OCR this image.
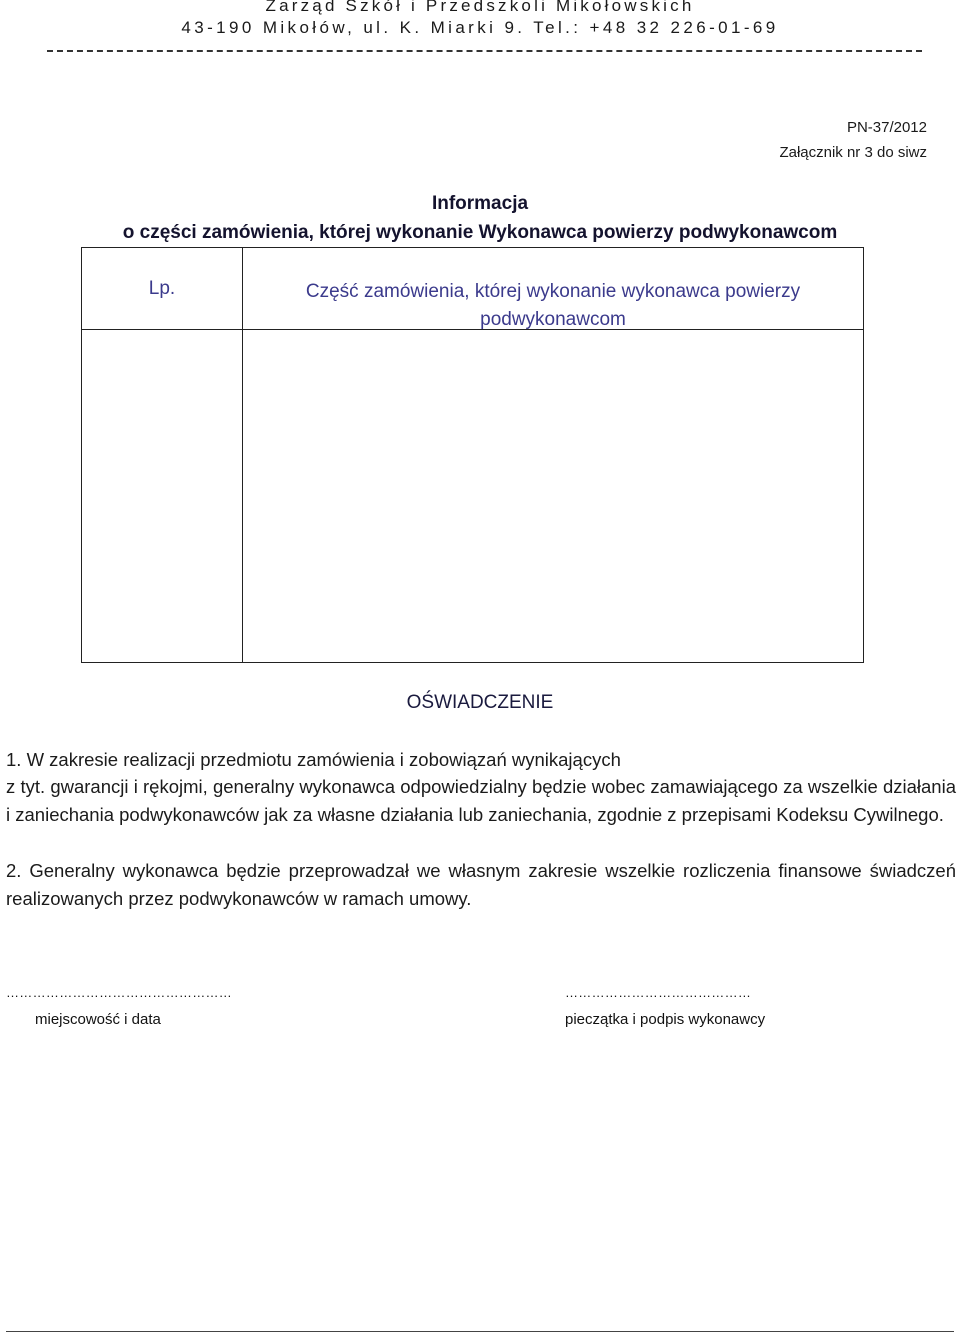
Zarząd Szkół i Przedszkoli Mikołowskich
43-190 Mikołów, ul. K. Miarki 9. Tel.: +48 32 226-01-69
PN-37/2012
Załącznik nr 3 do siwz
Informacja
o części zamówienia, której wykonanie Wykonawca powierzy podwykonawcom
Lp.	Część zamówienia, której wykonanie wykonawca powierzy podwykonawcom
OŚWIADCZENIE
1. W zakresie realizacji przedmiotu zamówienia i zobowiązań wynikających
z tyt. gwarancji i rękojmi, generalny wykonawca odpowiedzialny będzie wobec zamawiającego za wszelkie działania i zaniechania podwykonawców jak za własne działania lub zaniechania, zgodnie z przepisami Kodeksu Cywilnego.
2. Generalny wykonawca będzie przeprowadzał we własnym zakresie wszelkie rozliczenia finansowe świadczeń realizowanych przez podwykonawców w ramach umowy.
……………………………………………	……………………………………
miejscowość i data	pieczątka i podpis wykonawcy
